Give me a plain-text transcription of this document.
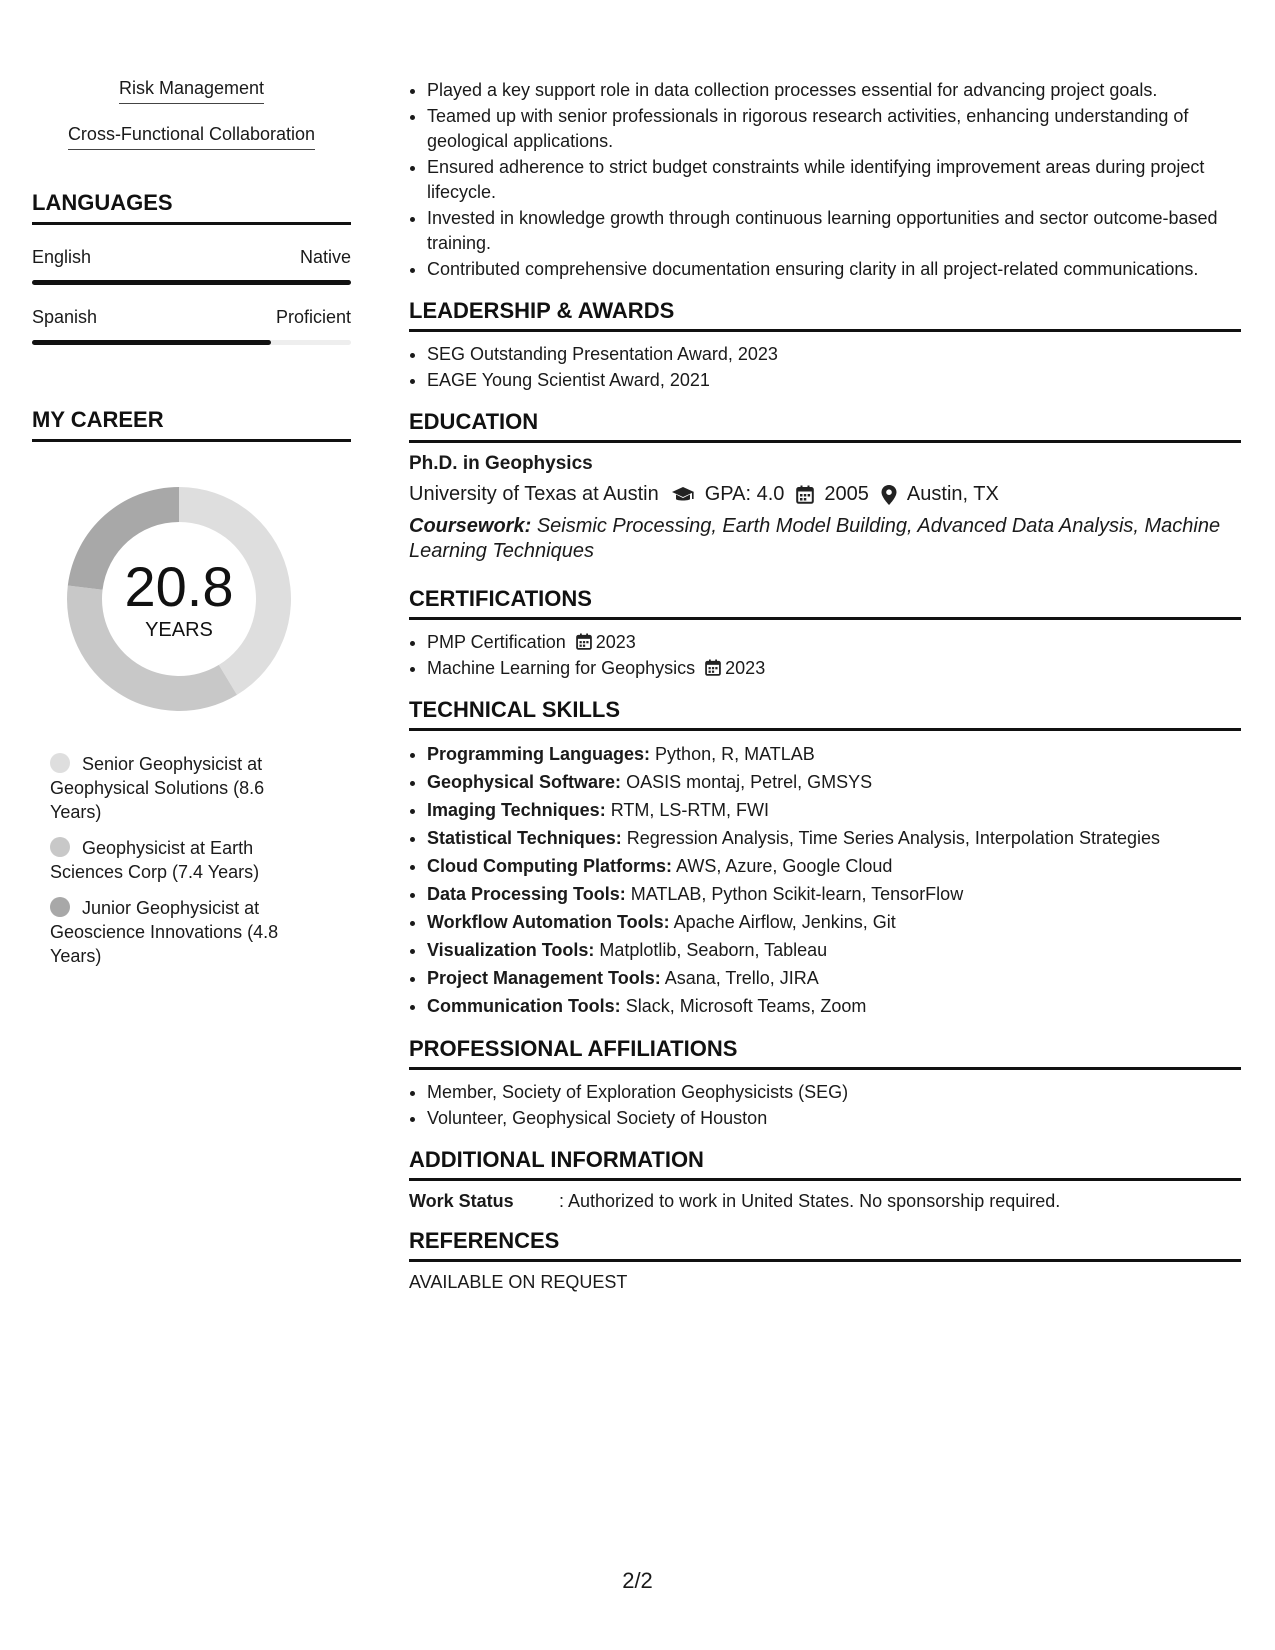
Risk Management
Cross-Functional Collaboration
LANGUAGES
English	Native
Spanish	Proficient
MY CAREER
20.8
YEARS
Senior Geophysicist at Geophysical Solutions (8.6 Years)
Geophysicist at Earth Sciences Corp (7.4 Years)
Junior Geophysicist at Geoscience Innovations (4.8 Years)
• Played a key support role in data collection processes essential for advancing project goals.
• Teamed up with senior professionals in rigorous research activities, enhancing understanding of geological applications.
• Ensured adherence to strict budget constraints while identifying improvement areas during project lifecycle.
• Invested in knowledge growth through continuous learning opportunities and sector outcome-based training.
• Contributed comprehensive documentation ensuring clarity in all project-related communications.
LEADERSHIP & AWARDS
• SEG Outstanding Presentation Award, 2023
• EAGE Young Scientist Award, 2021
EDUCATION
Ph.D. in Geophysics
University of Texas at Austin GPA: 4.0 2005 Austin, TX
Coursework: Seismic Processing, Earth Model Building, Advanced Data Analysis, Machine Learning Techniques
CERTIFICATIONS
• PMP Certification 2023
• Machine Learning for Geophysics 2023
TECHNICAL SKILLS
• Programming Languages: Python, R, MATLAB
• Geophysical Software: OASIS montaj, Petrel, GMSYS
• Imaging Techniques: RTM, LS-RTM, FWI
• Statistical Techniques: Regression Analysis, Time Series Analysis, Interpolation Strategies
• Cloud Computing Platforms: AWS, Azure, Google Cloud
• Data Processing Tools: MATLAB, Python Scikit-learn, TensorFlow
• Workflow Automation Tools: Apache Airflow, Jenkins, Git
• Visualization Tools: Matplotlib, Seaborn, Tableau
• Project Management Tools: Asana, Trello, JIRA
• Communication Tools: Slack, Microsoft Teams, Zoom
PROFESSIONAL AFFILIATIONS
• Member, Society of Exploration Geophysicists (SEG)
• Volunteer, Geophysical Society of Houston
ADDITIONAL INFORMATION
Work Status	: Authorized to work in United States. No sponsorship required.
REFERENCES
AVAILABLE ON REQUEST
2/2
